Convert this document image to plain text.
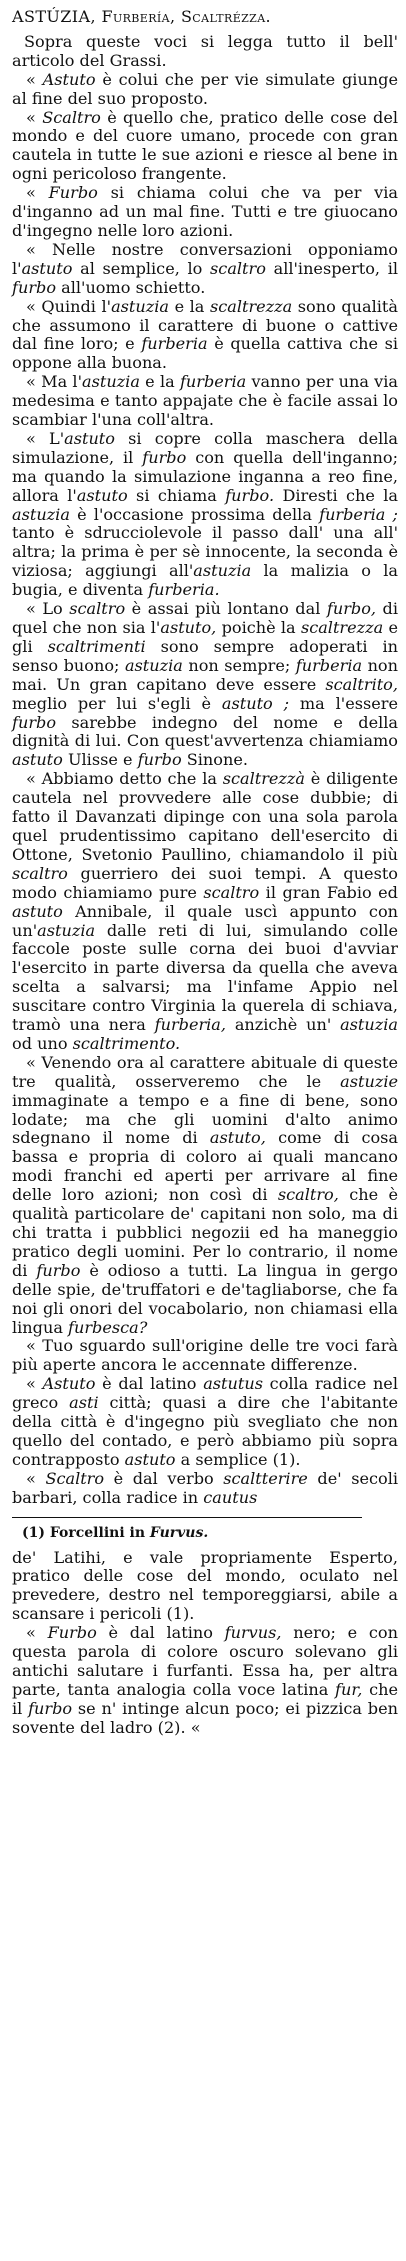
ASTÚZIA, Furbería, Scaltrézza.

Sopra queste voci si legga tutto il bell' articolo del Grassi.

« Astuto è colui che per vie simulate giunge al fine del suo proposto.

« Scaltro è quello che, pratico delle cose del mondo e del cuore umano, procede con gran cautela in tutte le sue azioni e riesce al bene in ogni pericoloso frangente.

« Furbo si chiama colui che va per via d'inganno ad un mal fine. Tutti e tre giuocano d'ingegno nelle loro azioni.

« Nelle nostre conversazioni opponiamo l'astuto al semplice, lo scaltro all'inesperto, il furbo all'uomo schietto.

« Quindi l'astuzia e la scaltrezza sono qualità che assumono il carattere di buone o cattive dal fine loro; e furberia è quella cattiva che si oppone alla buona.

« Ma l'astuzia e la furberia vanno per una via medesima e tanto appajate che è facile assai lo scambiar l'una coll'altra.

« L'astuto si copre colla maschera della simulazione, il furbo con quella dell'inganno; ma quando la simulazione inganna a reo fine, allora l'astuto si chiama furbo. Diresti che la astuzia è l'occasione prossima della furberia ; tanto è sdrucciolevole il passo dall' una all' altra; la prima è per sè innocente, la seconda è viziosa; aggiungi all'astuzia la malizia o la bugia, e diventa furberia.

« Lo scaltro è assai più lontano dal furbo, di quel che non sia l'astuto, poichè la scaltrezza e gli scaltrimenti sono sempre adoperati in senso buono; astuzia non sempre; furberia non mai. Un gran capitano deve essere scaltrito, meglio per lui s'egli è astuto ; ma l'essere furbo sarebbe indegno del nome e della dignità di lui. Con quest'avvertenza chiamiamo astuto Ulisse e furbo Sinone.

« Abbiamo detto che la scaltrezzà è diligente cautela nel provvedere alle cose dubbie; di fatto il Davanzati dipinge con una sola parola quel prudentissimo capitano dell'esercito di Ottone, Svetonio Paullino, chiamandolo il più scaltro guerriero dei suoi tempi. A questo modo chiamiamo pure scaltro il gran Fabio ed astuto Annibale, il quale uscì appunto con un'astuzia dalle reti di lui, simulando colle faccole poste sulle corna dei buoi d'avviar l'esercito in parte diversa da quella che aveva scelta a salvarsi; ma l'infame Appio nel suscitare contro Virginia la querela di schiava, tramò una nera furberia, anzichè un' astuzia od uno scaltrimento.

« Venendo ora al carattere abituale di queste tre qualità, osserveremo che le astuzie immaginate a tempo e a fine di bene, sono lodate; ma che gli uomini d'alto animo sdegnano il nome di astuto, come di cosa bassa e propria di coloro ai quali mancano modi franchi ed aperti per arrivare al fine delle loro azioni; non così di scaltro, che è qualità particolare de' capitani non solo, ma di chi tratta i pubblici negozii ed ha maneggio pratico degli uomini. Per lo contrario, il nome di furbo è odioso a tutti. La lingua in gergo delle spie, de'truffatori e de'tagliaborse, che fa noi gli onori del vocabolario, non chiamasi ella lingua furbesca?

« Tuo sguardo sull'origine delle tre voci farà più aperte ancora le accennate differenze.

« Astuto è dal latino astutus colla radice nel greco asti città; quasi a dire che l'abitante della città è d'ingegno più svegliato che non quello del contado, e però abbiamo più sopra contrapposto astuto a semplice (1).

« Scaltro è dal verbo scaltterire de' secoli barbari, colla radice in cautus

(1) Forcellini in Furvus.

de' Latihi, e vale propriamente Esperto, pratico delle cose del mondo, oculato nel prevedere, destro nel temporeggiarsi, abile a scansare i pericoli (1).

« Furbo è dal latino furvus, nero; e con questa parola di colore oscuro solevano gli antichi salutare i furfanti. Essa ha, per altra parte, tanta analogia colla voce latina fur, che il furbo se n' intinge alcun poco; ei pizzica ben sovente del ladro (2). «
